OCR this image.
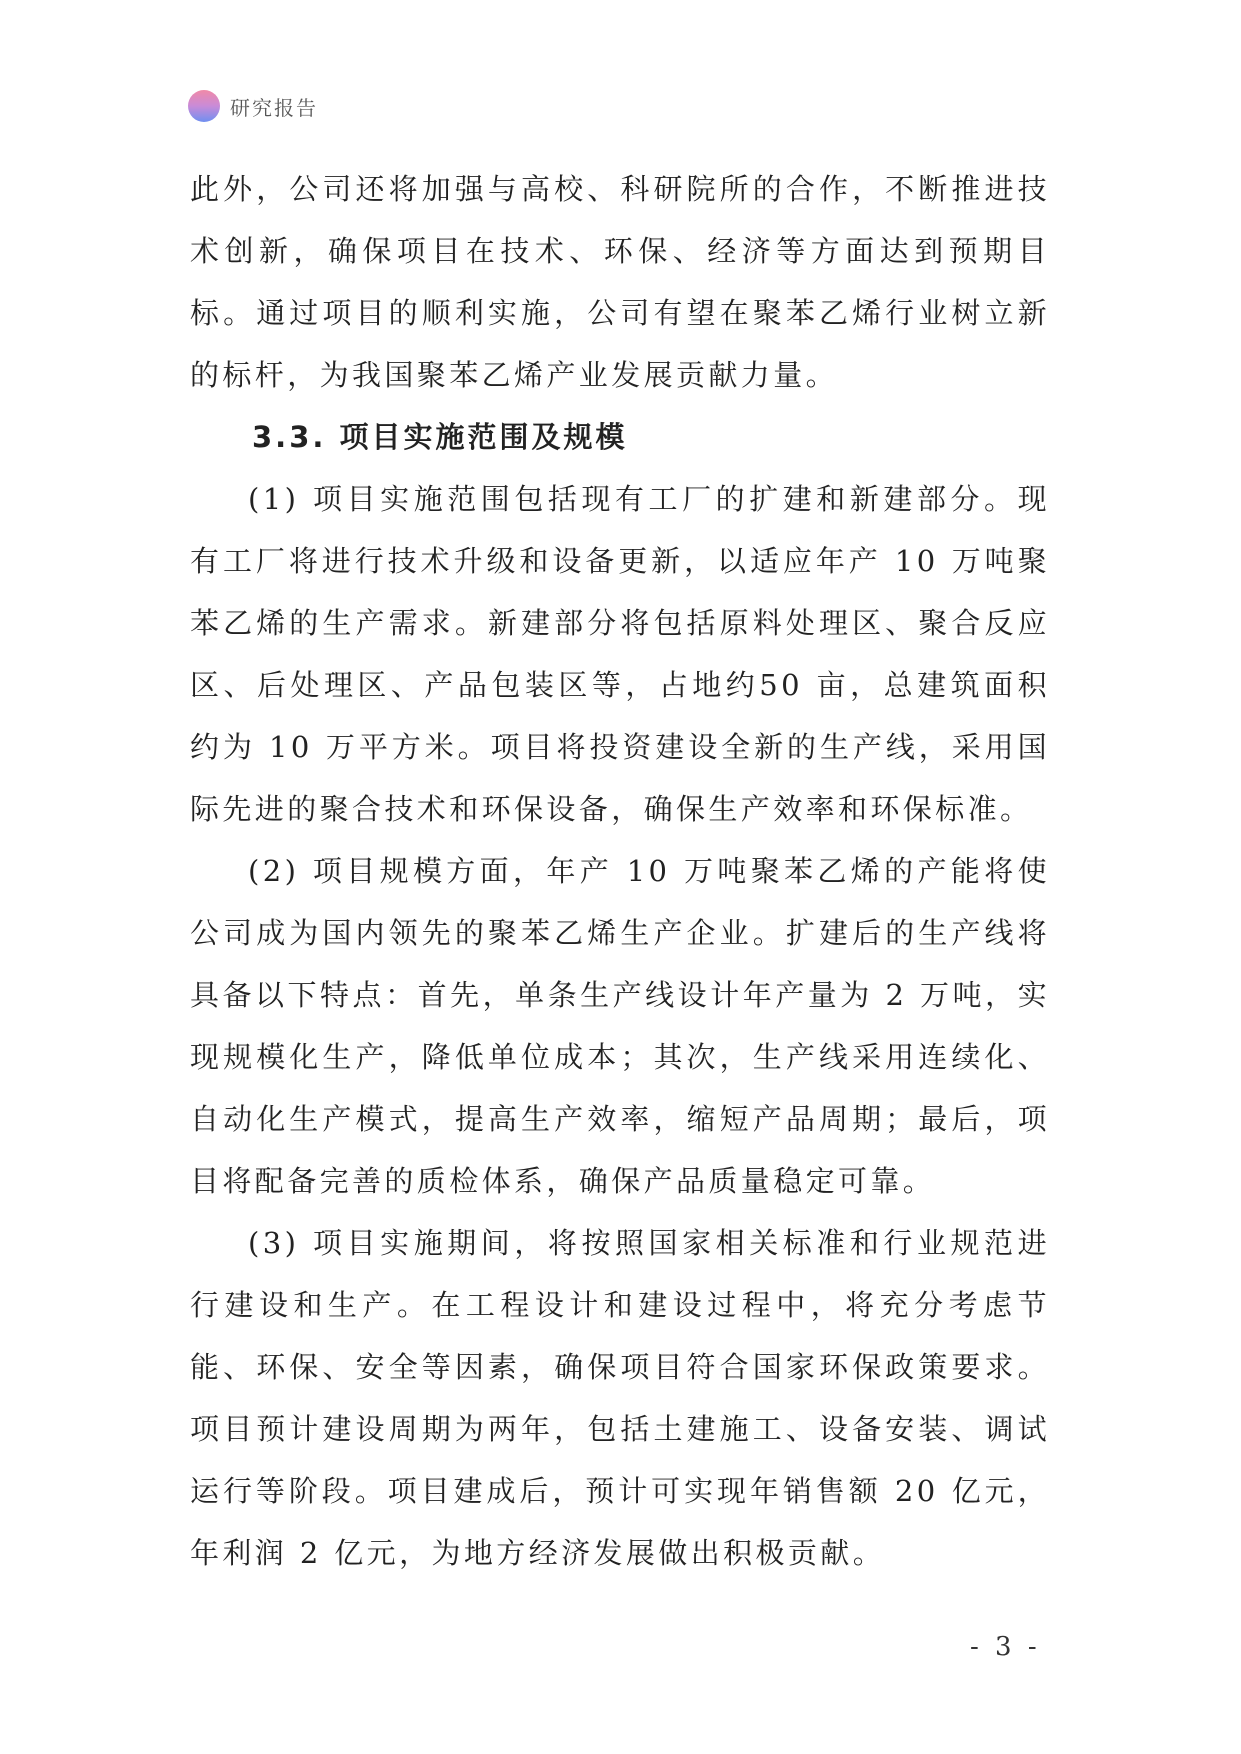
研究报告

此外，公司还将加强与高校、科研院所的合作，不断推进技术创新，确保项目在技术、环保、经济等方面达到预期目标。通过项目的顺利实施，公司有望在聚苯乙烯行业树立新的标杆，为我国聚苯乙烯产业发展贡献力量。

3.3. 项目实施范围及规模

(1) 项目实施范围包括现有工厂的扩建和新建部分。现有工厂将进行技术升级和设备更新，以适应年产 10 万吨聚苯乙烯的生产需求。新建部分将包括原料处理区、聚合反应区、后处理区、产品包装区等，占地约50 亩，总建筑面积约为 10 万平方米。项目将投资建设全新的生产线，采用国际先进的聚合技术和环保设备，确保生产效率和环保标准。

(2) 项目规模方面，年产 10 万吨聚苯乙烯的产能将使公司成为国内领先的聚苯乙烯生产企业。扩建后的生产线将具备以下特点：首先，单条生产线设计年产量为 2 万吨，实现规模化生产，降低单位成本；其次，生产线采用连续化、自动化生产模式，提高生产效率，缩短产品周期；最后，项目将配备完善的质检体系，确保产品质量稳定可靠。

(3) 项目实施期间，将按照国家相关标准和行业规范进行建设和生产。在工程设计和建设过程中，将充分考虑节能、环保、安全等因素，确保项目符合国家环保政策要求。项目预计建设周期为两年，包括土建施工、设备安装、调试运行等阶段。项目建成后，预计可实现年销售额 20 亿元，年利润 2 亿元，为地方经济发展做出积极贡献。

- 3 -
